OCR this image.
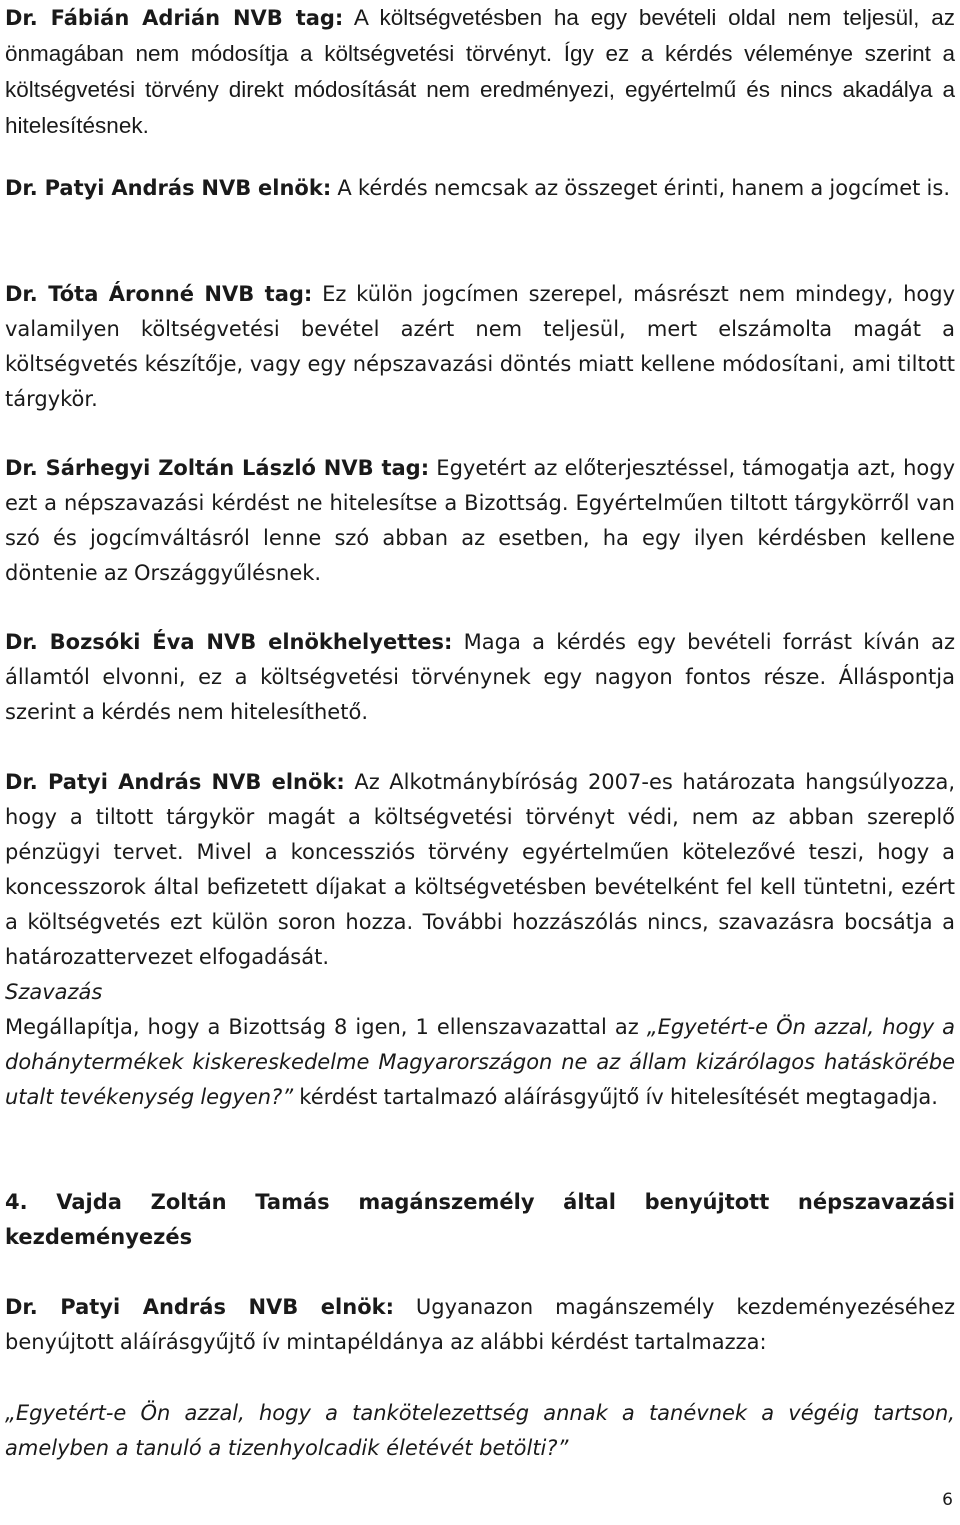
Dr. Fábián Adrián NVB tag: A költségvetésben ha egy bevételi oldal nem teljesül, az önmagában nem módosítja a költségvetési törvényt. Így ez a kérdés véleménye szerint a költségvetési törvény direkt módosítását nem eredményezi, egyértelmű és nincs akadálya a hitelesítésnek.

Dr. Patyi András NVB elnök: A kérdés nemcsak az összeget érinti, hanem a jogcímet is.

Dr. Tóta Áronné NVB tag: Ez külön jogcímen szerepel, másrészt nem mindegy, hogy valamilyen költségvetési bevétel azért nem teljesül, mert elszámolta magát a költségvetés készítője, vagy egy népszavazási döntés miatt kellene módosítani, ami tiltott tárgykör.

Dr. Sárhegyi Zoltán László NVB tag: Egyetért az előterjesztéssel, támogatja azt, hogy ezt a népszavazási kérdést ne hitelesítse a Bizottság. Egyértelműen tiltott tárgykörről van szó és jogcímváltásról lenne szó abban az esetben, ha egy ilyen kérdésben kellene döntenie az Országgyűlésnek.

Dr. Bozsóki Éva NVB elnökhelyettes: Maga a kérdés egy bevételi forrást kíván az államtól elvonni, ez a költségvetési törvénynek egy nagyon fontos része. Álláspontja szerint a kérdés nem hitelesíthető.

Dr. Patyi András NVB elnök: Az Alkotmánybíróság 2007-es határozata hangsúlyozza, hogy a tiltott tárgykör magát a költségvetési törvényt védi, nem az abban szereplő pénzügyi tervet. Mivel a koncessziós törvény egyértelműen kötelezővé teszi, hogy a koncesszorok által befizetett díjakat a költségvetésben bevételként fel kell tüntetni, ezért a költségvetés ezt külön soron hozza. További hozzászólás nincs, szavazásra bocsátja a határozattervezet elfogadását.

Szavazás
Megállapítja, hogy a Bizottság 8 igen, 1 ellenszavazattal az „Egyetért-e Ön azzal, hogy a dohánytermékek kiskereskedelme Magyarországon ne az állam kizárólagos hatáskörébe utalt tevékenység legyen?” kérdést tartalmazó aláírásgyűjtő ív hitelesítését megtagadja.

4. Vajda Zoltán Tamás magánszemély által benyújtott népszavazási kezdeményezés

Dr. Patyi András NVB elnök: Ugyanazon magánszemély kezdeményezéséhez benyújtott aláírásgyűjtő ív mintapéldánya az alábbi kérdést tartalmazza:

„Egyetért-e Ön azzal, hogy a tankötelezettség annak a tanévnek a végéig tartson, amelyben a tanuló a tizenhyolcadik életévét betölti?”

6
